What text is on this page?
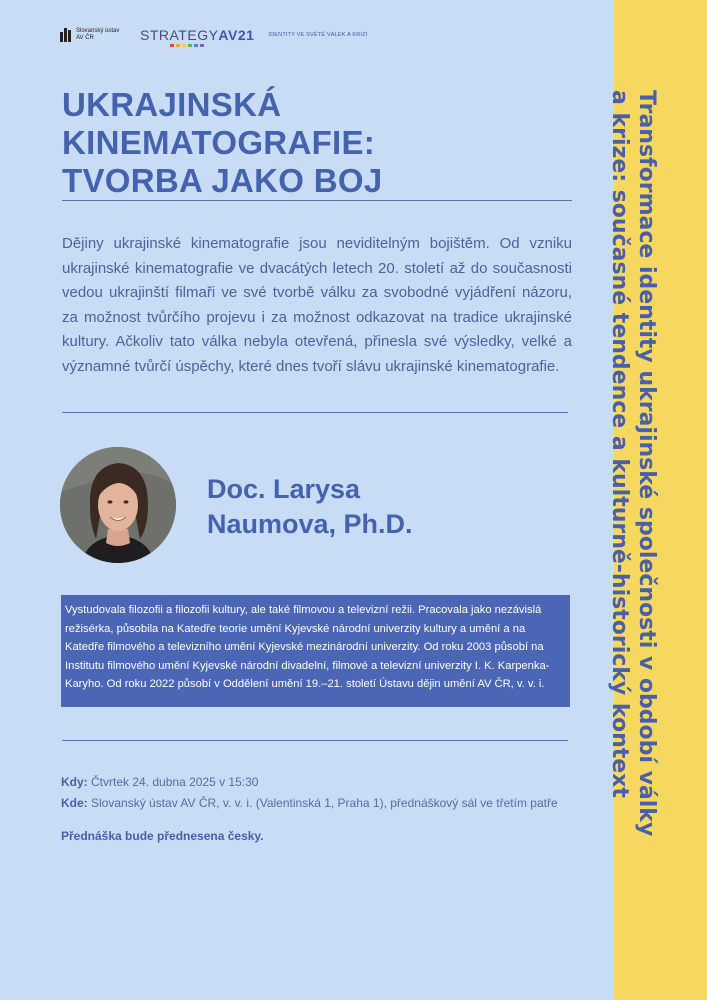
Slovanský ústav AV ČR	STRATEGYAV21	IDENTITY VE SVĚTĚ VÁLEK A KRIZÍ
UKRAJINSKÁ KINEMATOGRAFIE:
TVORBA JAKO BOJ

Dějiny ukrajinské kinematografie jsou neviditelným bojištěm. Od vzniku ukrajinské kinematografie ve dvacátých letech 20. století až do současnosti vedou ukrajinští filmaři ve své tvorbě válku za svobodné vyjádření názoru, za možnost tvůrčího projevu i za možnost odkazovat na tradice ukrajinské kultury. Ačkoliv tato válka nebyla otevřená, přinesla své výsledky, velké a významné tvůrčí úspěchy, které dnes tvoří slávu ukrajinské kinematografie.

Doc. Larysa
Naumova, Ph.D.
Vystudovala filozofii a filozofii kultury, ale také filmovou a televizní režii. Pracovala jako nezávislá režisérka, působila na Katedře teorie umění Kyjevské národní univerzity kultury a umění a na Katedře filmového a televizního umění Kyjevské mezinárodní univerzity. Od roku 2003 působí na Institutu filmového umění Kyjevské národní divadelní, filmové a televizní univerzity I. K. Karpenka-Karyho. Od roku 2022 působí v Oddělení umění 19.–21. století Ústavu dějin umění AV ČR, v. v. i.
Kdy: Čtvrtek 24. dubna 2025 v 15:30
Kde: Slovanský ústav AV ČR, v. v. i. (Valentinská 1, Praha 1), přednáškový sál ve třetím patře
Přednáška bude přednesena česky.	Transformace identity ukrajinské společnosti v období války
a krize: současné tendence a kulturně-historický kontext
